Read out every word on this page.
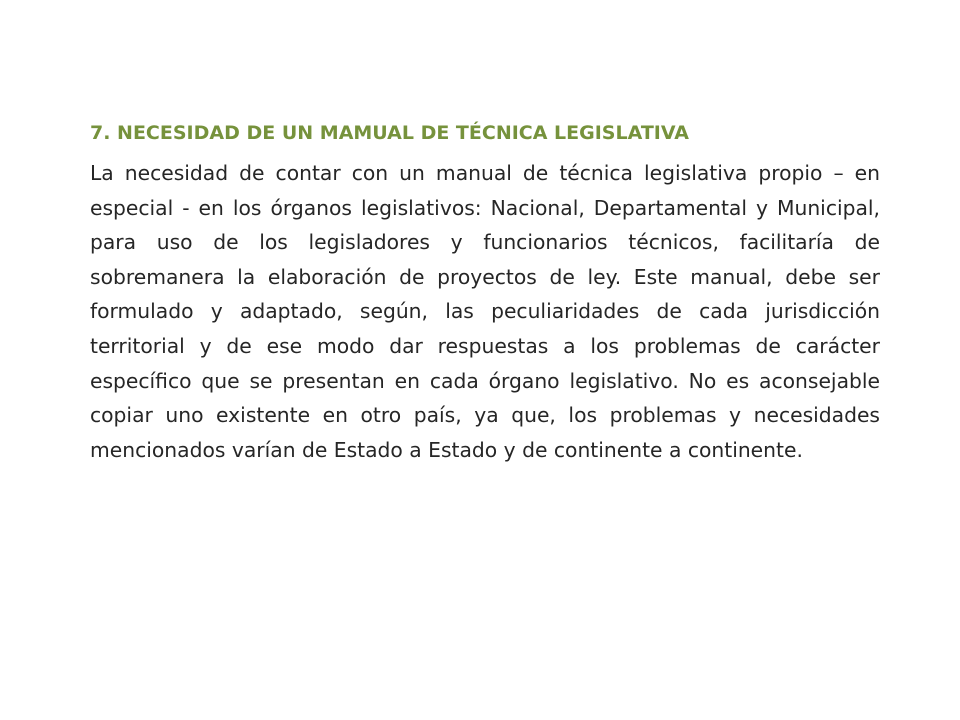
7. NECESIDAD DE UN MAMUAL DE TÉCNICA LEGISLATIVA

La necesidad de contar con un manual de técnica legislativa propio – en especial - en los órganos legislativos: Nacional, Departamental y Municipal, para uso de los legisladores y funcionarios técnicos, facilitaría de sobremanera la elaboración de proyectos de ley. Este manual, debe ser formulado y adaptado, según, las peculiaridades de cada jurisdicción territorial y de ese modo dar respuestas a los problemas de carácter específico que se presentan en cada órgano legislativo. No es aconsejable copiar uno existente en otro país, ya que, los problemas y necesidades mencionados varían de Estado a Estado y de continente a continente.
